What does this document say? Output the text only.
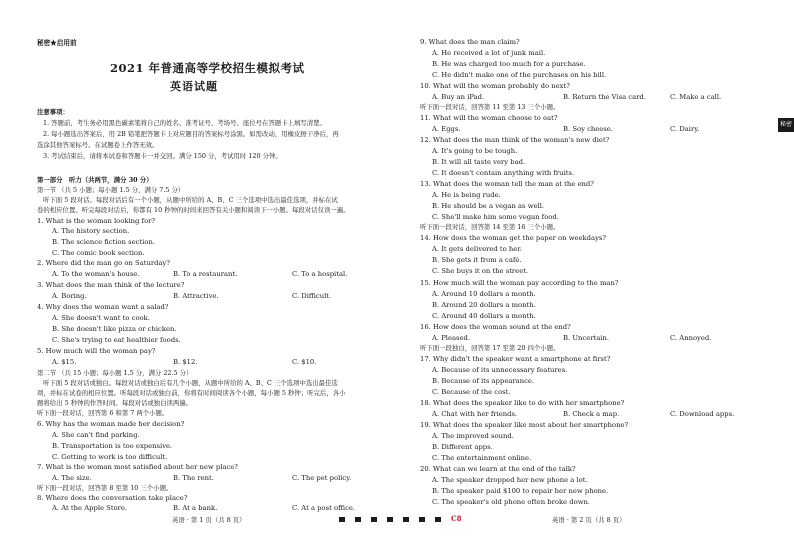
秘密★启用前
2021 年普通高等学校招生模拟考试
英语试题
注意事项：
1. 答题前，考生务必用黑色碳素笔将自己的姓名、准考证号、考场号、座位号在答题卡上填写清楚。
2. 每小题选出答案后，用 2B 铅笔把答题卡上对应题目的答案标号涂黑。如需改动，用橡皮擦干净后，再
选涂其他答案标号。在试题卷上作答无效。
3. 考试结束后，请将本试卷和答题卡一并交回。满分 150 分，考试用时 120 分钟。
第一部分　听力（共两节，满分 30 分）
第一节 （共 5 小题；每小题 1.5 分，满分 7.5 分）
听下面 5 段对话。每段对话后有一个小题，从题中所给的 A、B、C 三个选项中选出最佳选项，并标在试
卷的相应位置。听完每段对话后，你都有 10 秒钟的时间来回答有关小题和阅读下一小题。每段对话仅读一遍。
1. What is the woman looking for?
A. The history section.
B. The science fiction section.
C. The comic book section.
2. Where did the man go on Saturday?
A. To the woman's house.	B. To a restaurant.	C. To a hospital.
3. What does the man think of the lecture?
A. Boring.	B. Attractive.	C. Difficult.
4. Why does the woman want a salad?
A. She doesn't want to cook.
B. She doesn't like pizza or chicken.
C. She's trying to eat healthier foods.
5. How much will the woman pay?
A. $15.	B. $12.	C. $10.
第二节 （共 15 小题；每小题 1.5 分，满分 22.5 分）
听下面 5 段对话或独白。每段对话或独白后有几个小题，从题中所给的 A、B、C 三个选项中选出最佳选
项，并标在试卷的相应位置。听每段对话或独白前，你将有时间阅读各个小题，每小题 5 秒钟；听完后，各小
题将给出 5 秒钟的作答时间。每段对话或独白读两遍。
听下面一段对话，回答第 6 和第 7 两个小题。
6. Why has the woman made her decision?
A. She can't find parking.
B. Transportation is too expensive.
C. Getting to work is too difficult.
7. What is the woman most satisfied about her new place?
A. The size.	B. The rent.	C. The pet policy.
听下面一段对话，回答第 8 至第 10 三个小题。
8. Where does the conversation take place?
A. At the Apple Store.	B. At a bank.	C. At a post office.
英语 · 第 1 页（共 8 页）	C8
9. What does the man claim?
A. He received a lot of junk mail.
B. He was charged too much for a purchase.
C. He didn't make one of the purchases on his bill.
10. What will the woman probably do next?
A. Buy an iPad.	B. Return the Visa card.	C. Make a call.
听下面一段对话，回答第 11 至第 13 三个小题。
11. What will the woman choose to eat?
A. Eggs.	B. Soy cheese.	C. Dairy.
12. What does the man think of the woman's new diet?
A. It's going to be tough.
B. It will all taste very bad.
C. It doesn't contain anything with fruits.
13. What does the woman tell the man at the end?
A. He is being rude.
B. He should be a vegan as well.
C. She'll make him some vegan food.
听下面一段对话，回答第 14 至第 16 三个小题。
14. How does the woman get the paper on weekdays?
A. It gets delivered to her.
B. She gets it from a café.
C. She buys it on the street.
15. How much will the woman pay according to the man?
A. Around 10 dollars a month.
B. Around 20 dollars a month.
C. Around 40 dollars a month.
16. How does the woman sound at the end?
A. Pleased.	B. Uncertain.	C. Annoyed.
听下面一段独白，回答第 17 至第 20 四个小题。
17. Why didn't the speaker want a smartphone at first?
A. Because of its unnecessary features.
B. Because of its appearance.
C. Because of the cost.
18. What does the speaker like to do with her smartphone?
A. Chat with her friends.	B. Check a map.	C. Download apps.
19. What does the speaker like most about her smartphone?
A. The improved sound.
B. Different apps.
C. The entertainment online.
20. What can we learn at the end of the talk?
A. The speaker dropped her new phone a lot.
B. The speaker paid $100 to repair her new phone.
C. The speaker's old phone often broke down.
英语 · 第 2 页（共 8 页）
秘密
